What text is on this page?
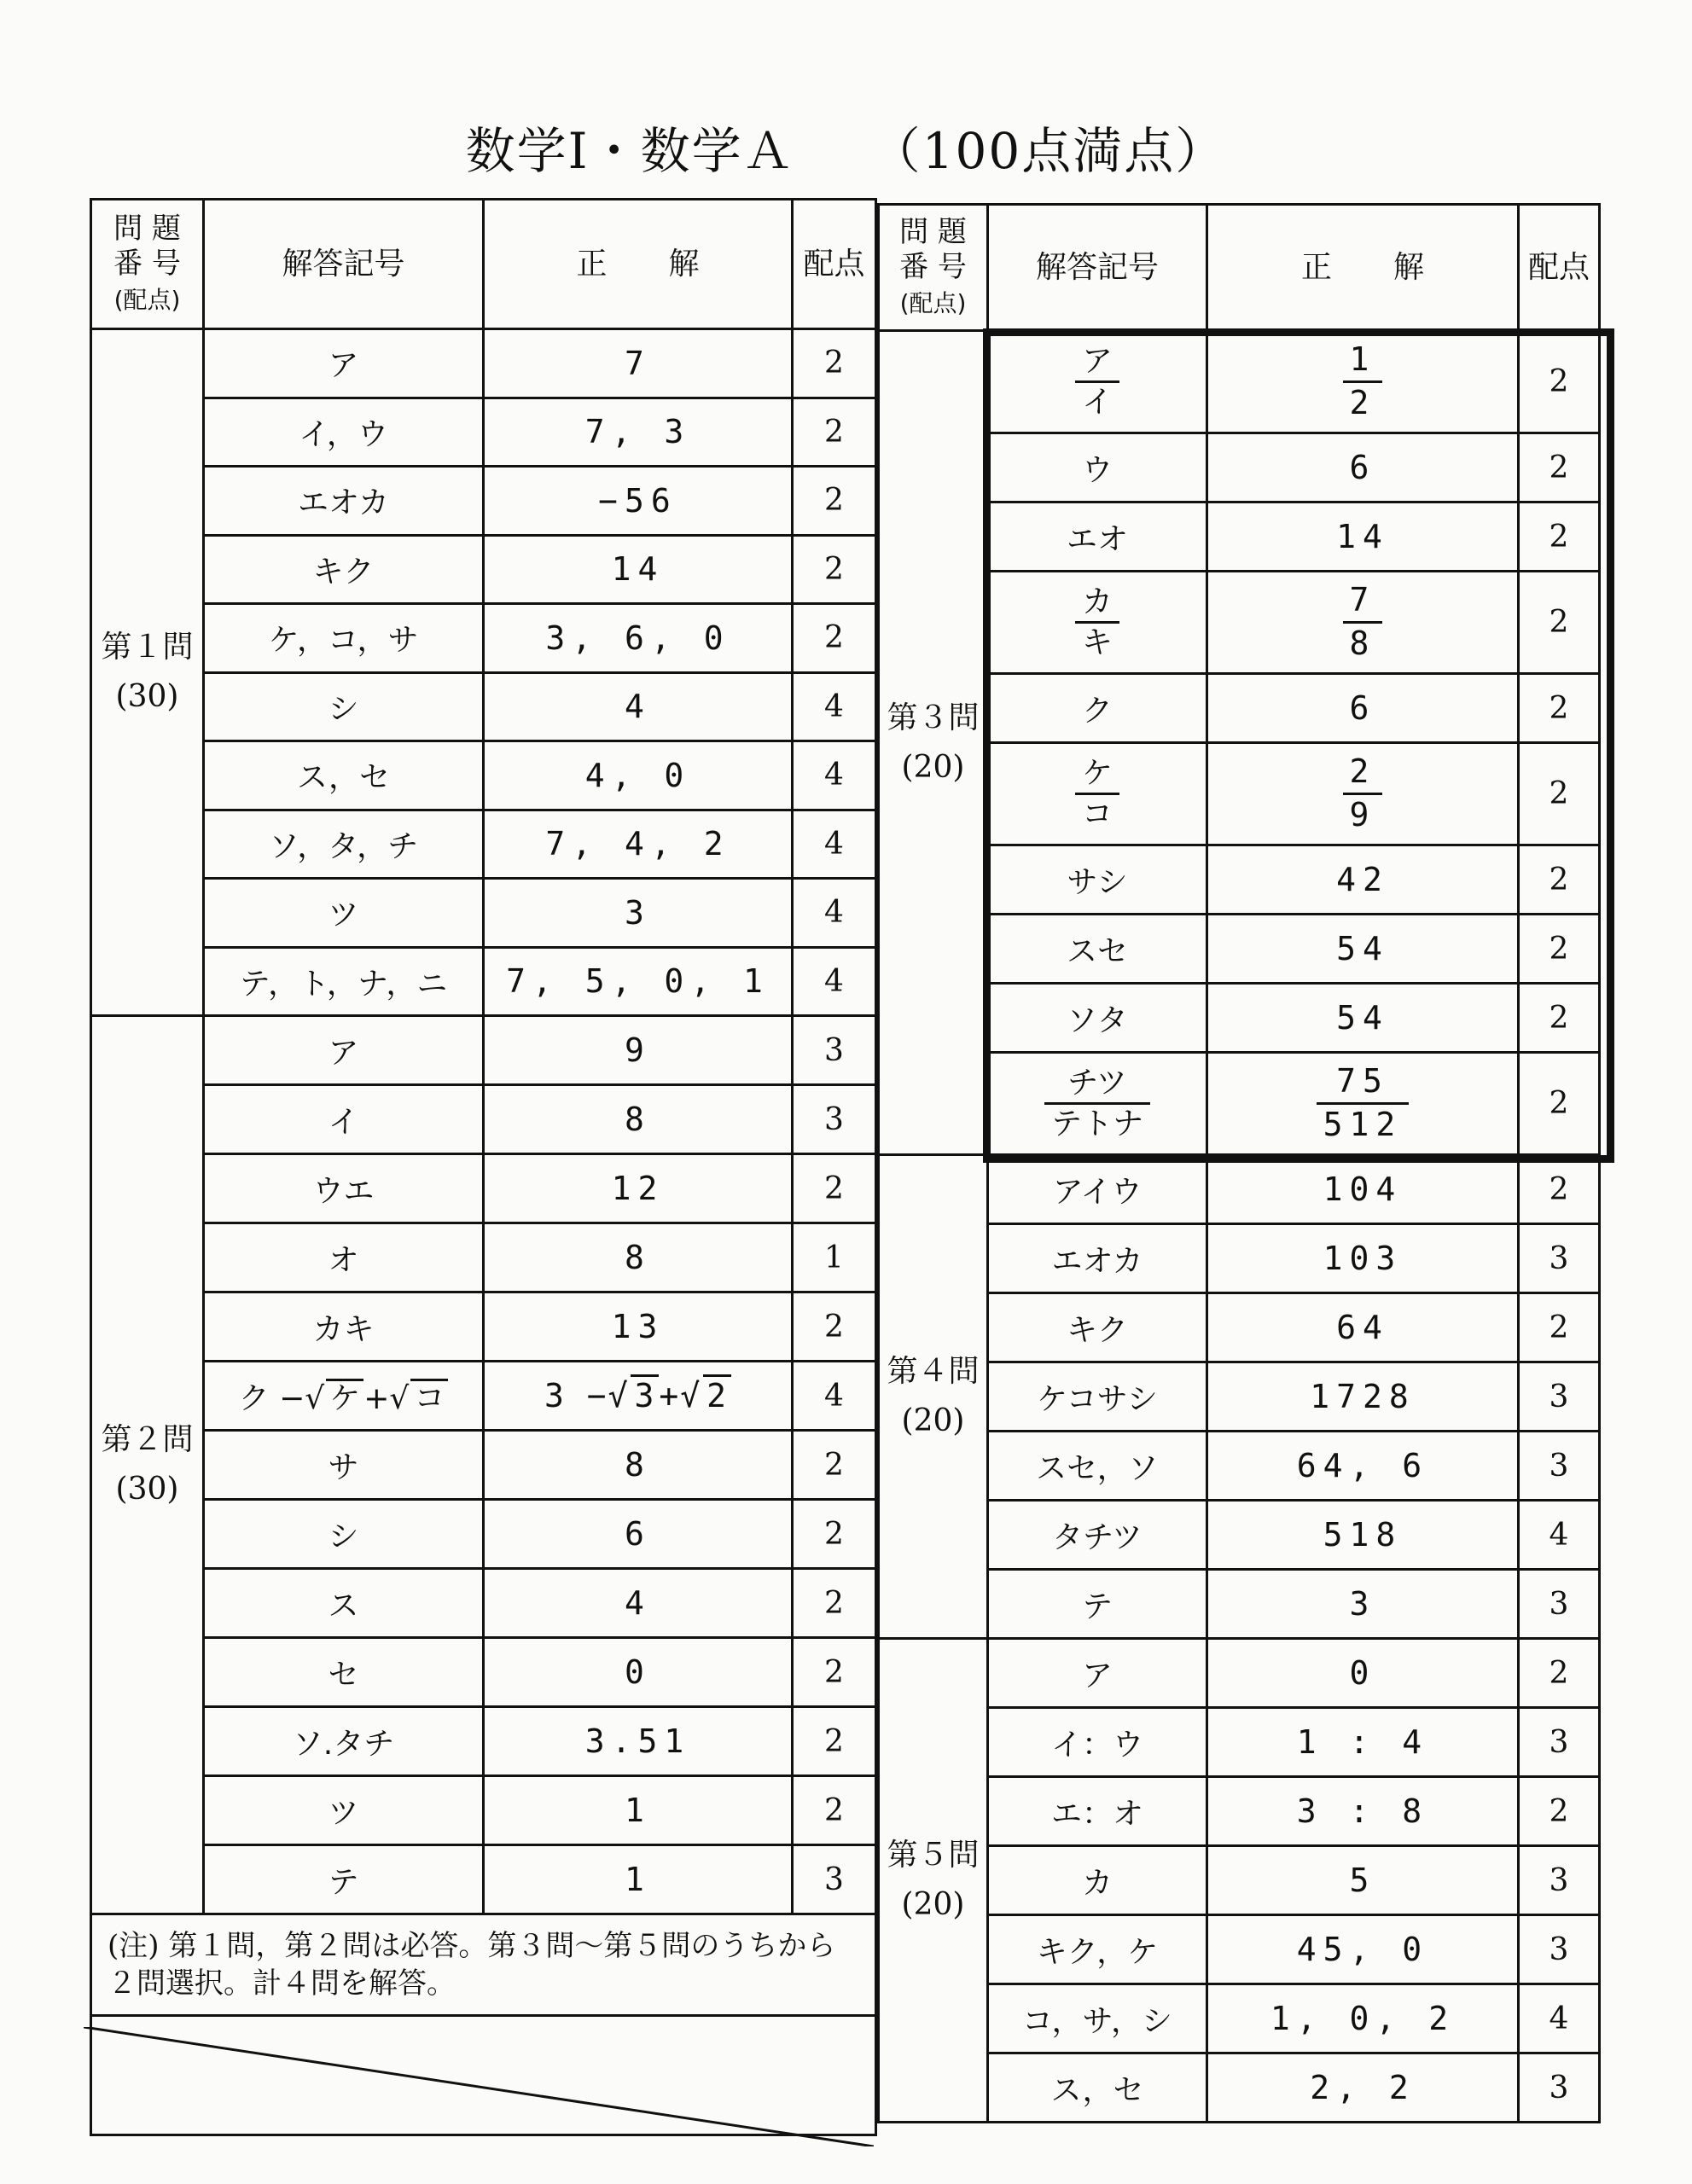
数学Ⅰ・数学Ａ （100点満点）
問 題
番 号
(配点)	解答記号	正　　解	配点
第１問
(30)	ア	7	2
	イ，ウ	7, 3	2
	エオカ	−56	2
	キク	14	2
	ケ，コ，サ	3, 6, 0	2
	シ	4	4
	ス，セ	4, 0	4
	ソ，タ，チ	7, 4, 2	4
	ツ	3	4
	テ，ト，ナ，ニ	7, 5, 0, 1	4
第２問
(30)	ア	9	3
	イ	8	3
	ウエ	12	2
	オ	8	1
	カキ	13	2
	ク −√ ケ +√ コ	3 −√ 3 +√ 2	4
	サ	8	2
	シ	6	2
	ス	4	2
	セ	0	2
	ソ.タチ	3.51	2
	ツ	1	2
	テ	1	3
(注) 第１問，第２問は必答。第３問〜第５問のうちから２問選択。計４問を解答。			

問 題
番 号
(配点)	解答記号	正　　解	配点
第３問
(20)	$\frac{\text{ア}}{\text{イ}}$	$\frac{1}{2}$	2
	ウ	6	2
	エオ	14	2

	$\frac{\text{カ}}{\text{キ}}$	$\frac{7}{8}$	2
	ク	6	2

	$\frac{\text{ケ}}{\text{コ}}$	$\frac{2}{9}$	2
	サシ	42	2
	スセ	54	2
	ソタ	54	2

	$\frac{\text{チツ}}{\text{テトナ}}$	$\frac{75}{512}$	2
第４問
(20)	アイウ	104	2
	エオカ	103	3
	キク	64	2
	ケコサシ	1728	3
	スセ，ソ	64, 6	3
	タチツ	518	4
	テ	3	3
第５問
(20)	ア	0	2
	イ：ウ	1 : 4	3
	エ：オ	3 : 8	2
	カ	5	3
	キク，ケ	45, 0	3
	コ，サ，シ	1, 0, 2	4
	ス，セ	2, 2	3
